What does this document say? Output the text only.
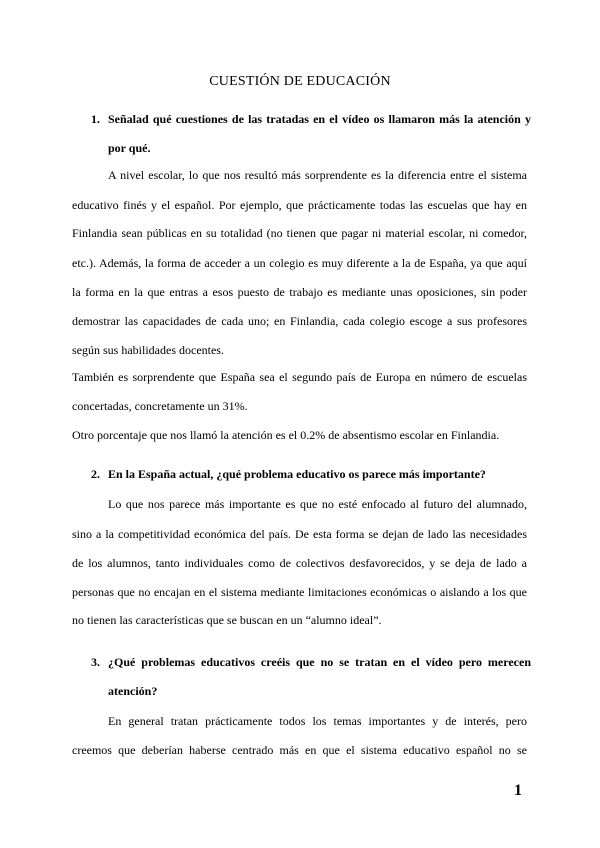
CUESTIÓN DE EDUCACIÓN
1. Señalad qué cuestiones de las tratadas en el vídeo os llamaron más la atención y
por qué.
A nivel escolar, lo que nos resultó más sorprendente es la diferencia entre el sistema
educativo finés y el español. Por ejemplo, que prácticamente todas las escuelas que hay en
Finlandia sean públicas en su totalidad (no tienen que pagar ni material escolar, ni comedor,
etc.). Además, la forma de acceder a un colegio es muy diferente a la de España, ya que aquí
la forma en la que entras a esos puesto de trabajo es mediante unas oposiciones, sin poder
demostrar las capacidades de cada uno; en Finlandia, cada colegio escoge a sus profesores
según sus habilidades docentes.
También es sorprendente que España sea el segundo país de Europa en número de escuelas
concertadas, concretamente un 31%.
Otro porcentaje que nos llamó la atención es el 0.2% de absentismo escolar en Finlandia.
2. En la España actual, ¿qué problema educativo os parece más importante?
Lo que nos parece más importante es que no esté enfocado al futuro del alumnado,
sino a la competitividad económica del país. De esta forma se dejan de lado las necesidades
de los alumnos, tanto individuales como de colectivos desfavorecidos, y se deja de lado a
personas que no encajan en el sistema mediante limitaciones económicas o aislando a los que
no tienen las características que se buscan en un “alumno ideal”.
3. ¿Qué problemas educativos creéis que no se tratan en el vídeo pero merecen
atención?
En general tratan prácticamente todos los temas importantes y de interés, pero
creemos que deberían haberse centrado más en que el sistema educativo español no se
1
